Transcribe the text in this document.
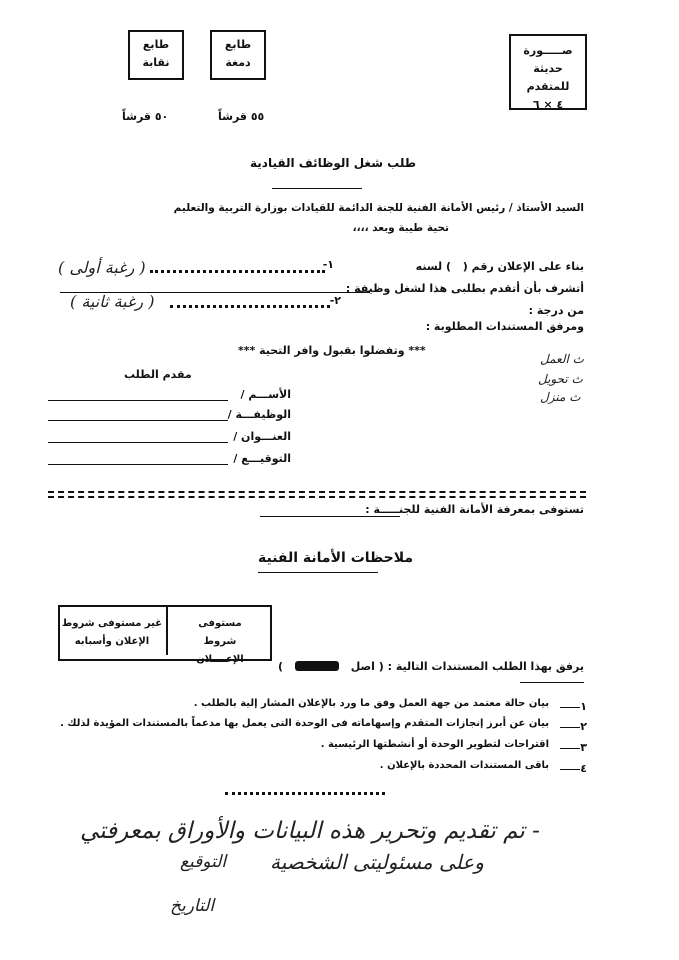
طابع
نقابة
طابع
دمغة
٥٠ قرشاً	٥٥ قرشاً
صـــــورة
حديثة للمتقدم
٤ × ٦
طلب شغل الوظائف القيادية
السيد الأستاذ / رئيس الأمانة الفنية للجنة الدائمة للقيادات بوزارة التربية والتعليم
تحية طيبة وبعد ،،،،
بناء على الإعلان رقم (
) لسنه
١-
( رغبة أولى )
أتشرف بأن أتقدم بطلبى هذا لشغل وظيفة :
٢-
( رغبة ثانية )	من درجة :
ومرفق المستندات المطلوبة :
*** وتفضلوا بقبول وافر التحية ***
ث العمل
ث تحويل
ث منزل
مقدم الطلب
الأســـم /
الوظيفـــة /
العنـــوان /
التوقيـــع /
تستوفى بمعرفة الأمانة الفنية للجنـــــة :
ملاحظات الأمانة الفنية
مستوفى شروط الإعــــلان
غير مستوفى شروط
الإعلان وأسبابه
يرفق بهذا الطلب المستندات التالية : ( اصل
)
١
بيان حالة معتمد من جهة العمل وفق ما ورد بالإعلان المشار إلية بالطلب .
٢
بيان عن أبرز إنجازات المتقدم وإسهاماته فى الوحدة التى يعمل بها مدعماً بالمستندات المؤيدة لذلك .
٣
اقتراحات لتطوير الوحدة أو أنشطتها الرئيسية .
٤
باقى المستندات المحددة بالإعلان .
- تم تقديم وتحرير هذه البيانات والأوراق بمعرفتي
وعلى مسئوليتى الشخصية
التوقيع
التاريخ
